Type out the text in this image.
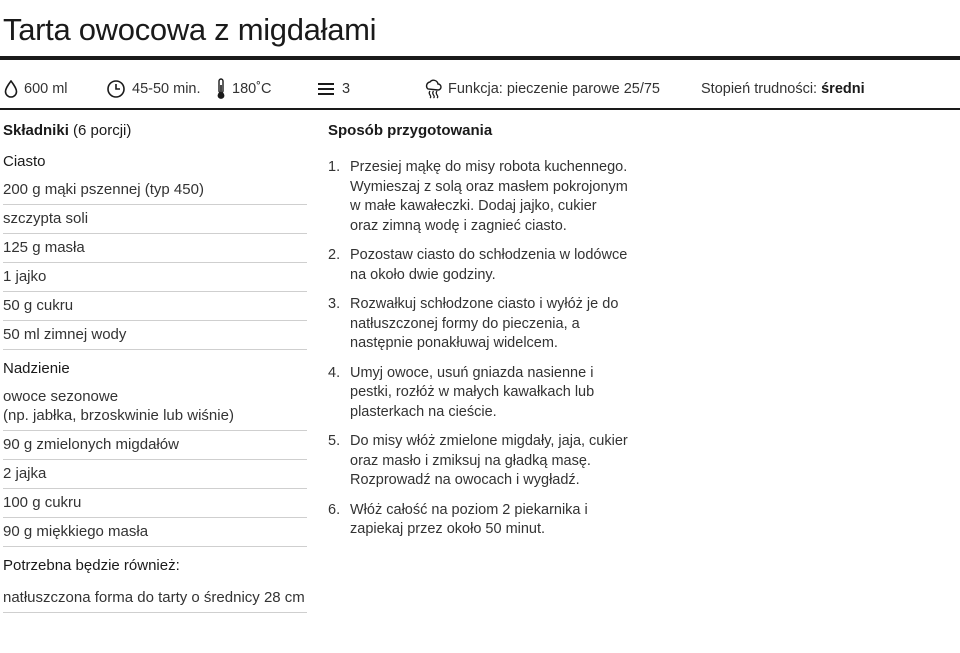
Tarta owocowa z migdałami
600 ml	45-50 min. 180˚C	3	Funkcja: pieczenie parowe 25/75	Stopień trudności:
średni
Składniki (6 porcji)
Ciasto
200 g mąki pszennej (typ 450)
szczypta soli
125 g masła
1 jajko
50 g cukru
50 ml zimnej wody
Nadzienie
owoce sezonowe
(np. jabłka, brzoskwinie lub wiśnie)
90 g zmielonych migdałów
2 jajka
100 g cukru
90 g miękkiego masła
Potrzebna będzie również:
natłuszczona forma do tarty o średnicy 28 cm
Sposób przygotowania
1. Przesiej mąkę do misy robota kuchennego. Wymieszaj z solą oraz masłem pokrojonym w małe kawałeczki. Dodaj jajko, cukier oraz zimną wodę i zagnieć ciasto.
2. Pozostaw ciasto do schłodzenia w lodówce na około dwie godziny.
3. Rozwałkuj schłodzone ciasto i wyłóż je do natłuszczonej formy do pieczenia, a następnie ponakłuwaj widelcem.
4. Umyj owoce, usuń gniazda nasienne i pestki, rozłóż w małych kawałkach lub plasterkach na cieście.
5. Do misy włóż zmielone migdały, jaja, cukier oraz masło i zmiksuj na gładką masę. Rozprowadź na owocach i wygładź.
6. Włóż całość na poziom 2 piekarnika i zapiekaj przez około 50 minut.
